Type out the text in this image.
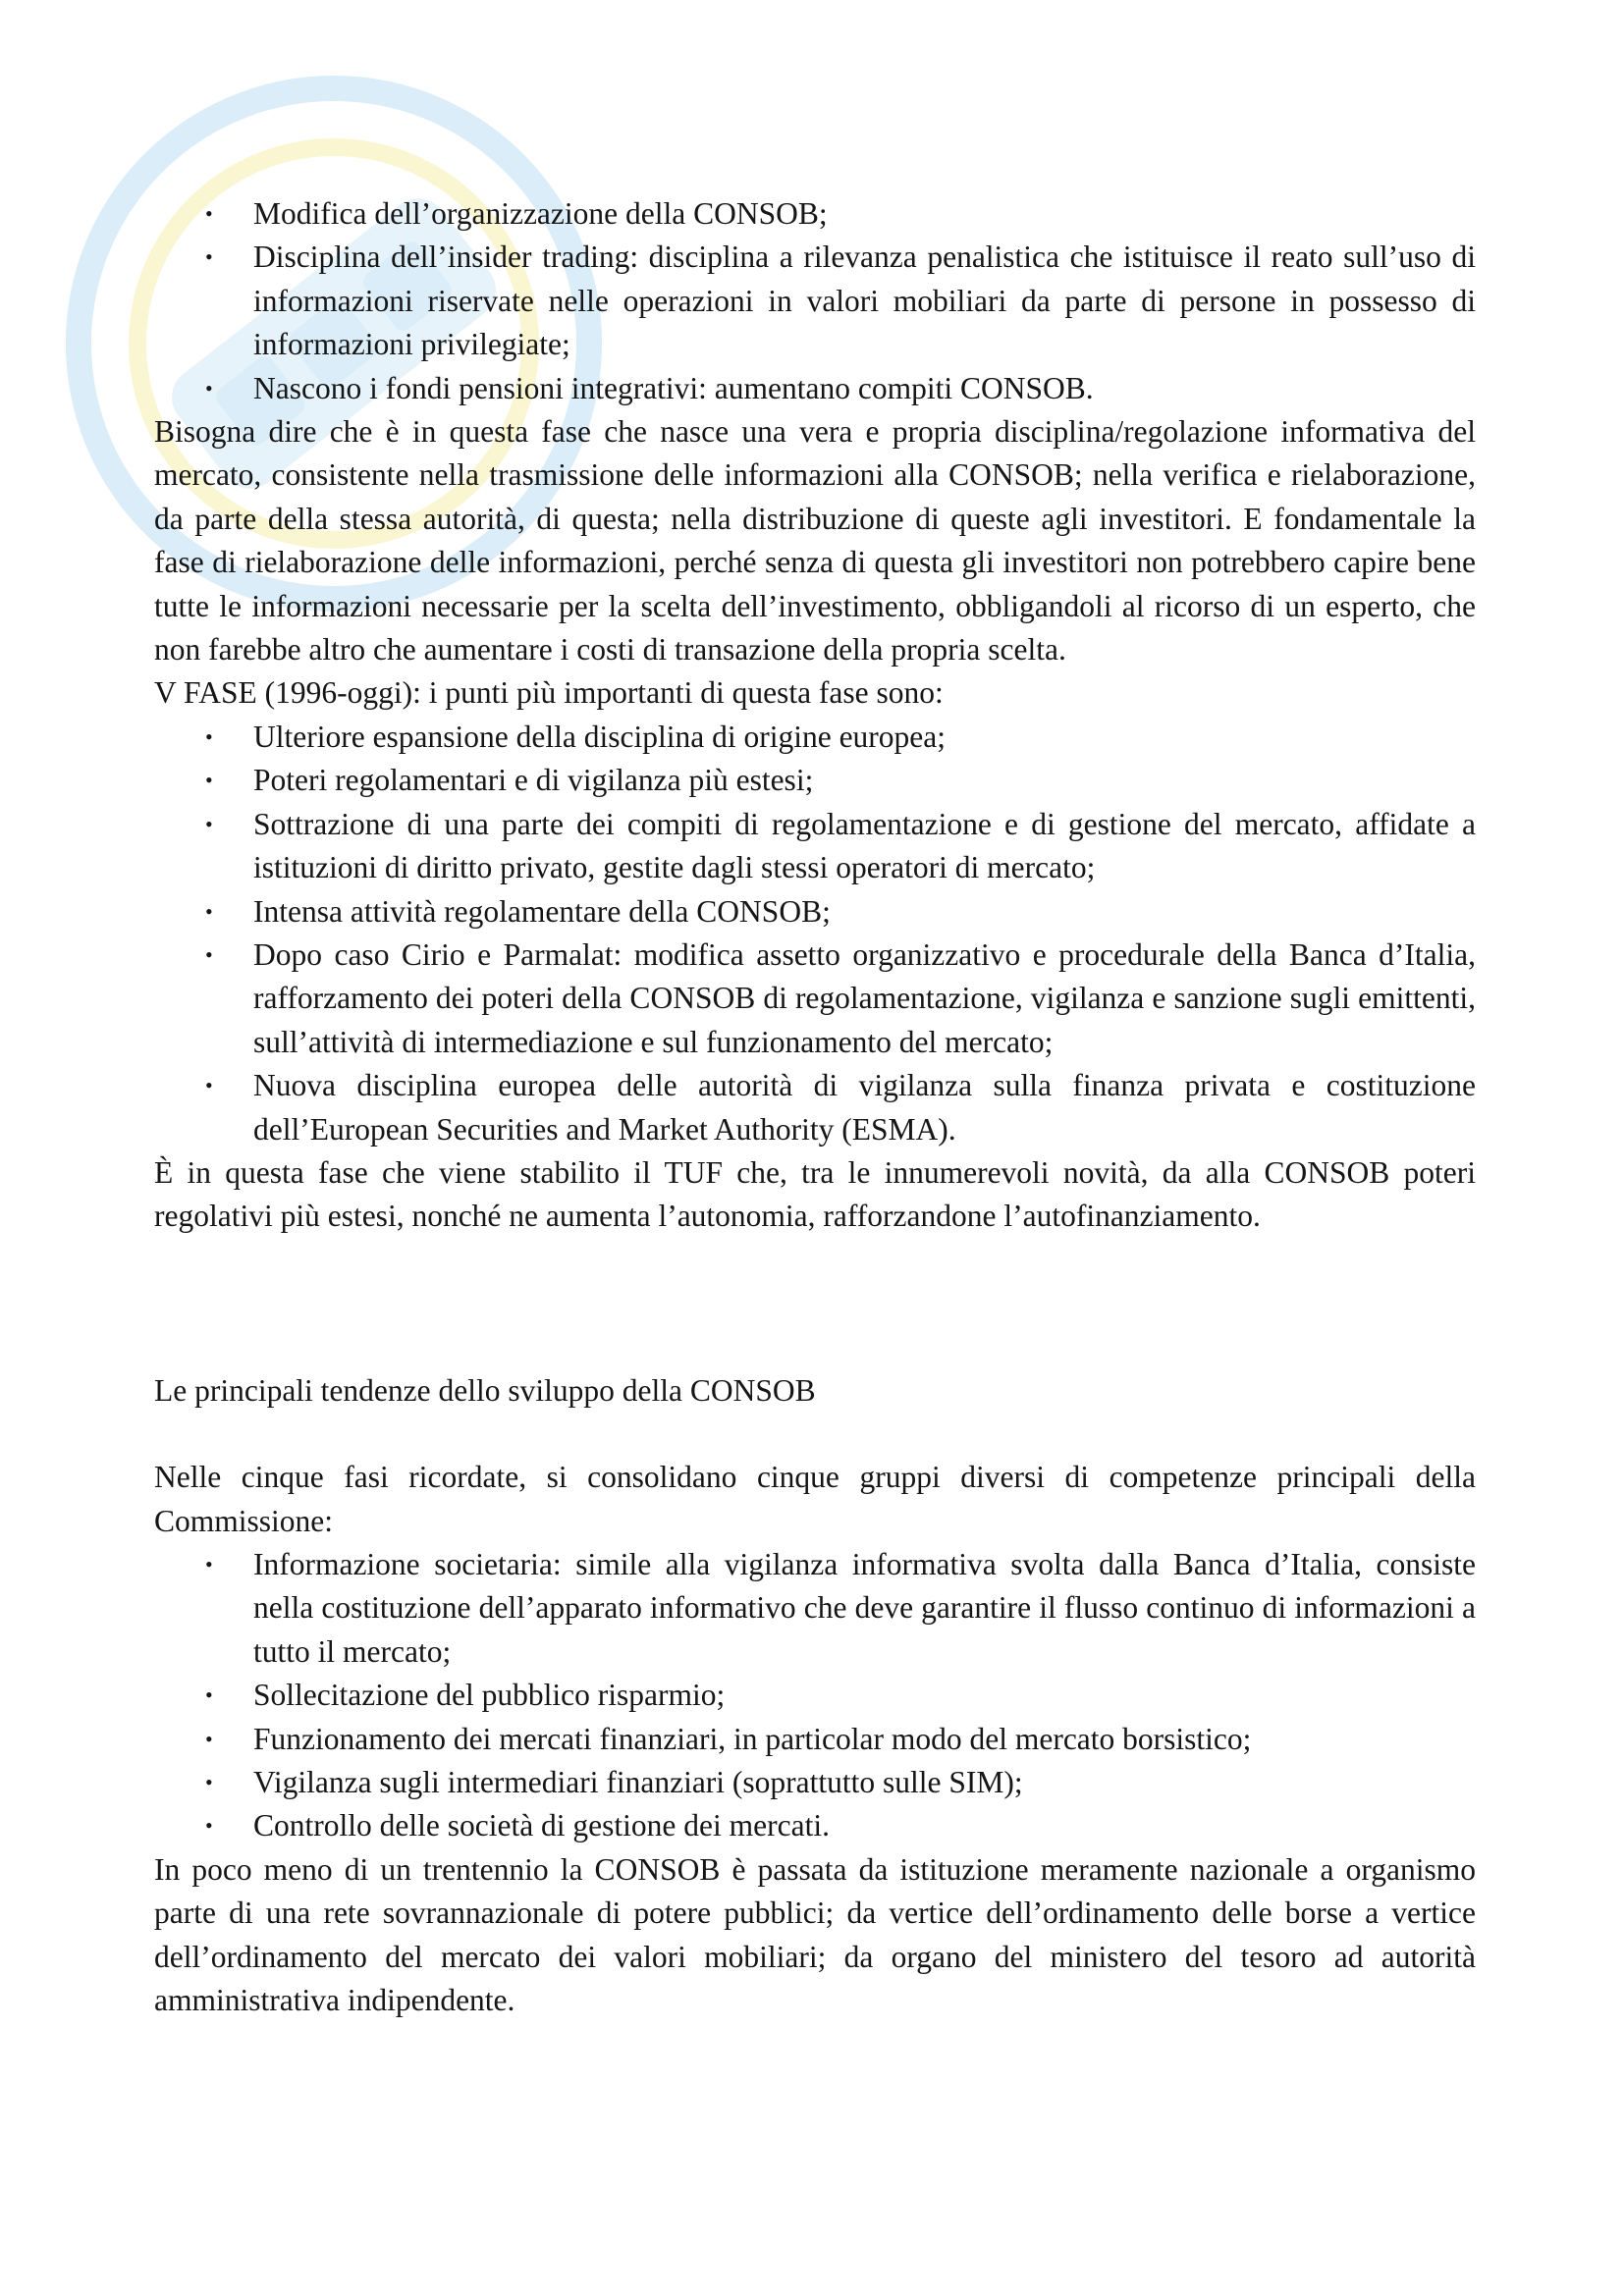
• Modifica dell’organizzazione della CONSOB;
• Disciplina dell’insider trading: disciplina a rilevanza penalistica che istituisce il reato sull’uso di informazioni riservate nelle operazioni in valori mobiliari da parte di persone in possesso di informazioni privilegiate;
• Nascono i fondi pensioni integrativi: aumentano compiti CONSOB.

Bisogna dire che è in questa fase che nasce una vera e propria disciplina/regolazione informativa del mercato, consistente nella trasmissione delle informazioni alla CONSOB; nella verifica e rielaborazione, da parte della stessa autorità, di questa; nella distribuzione di queste agli investitori. E fondamentale la fase di rielaborazione delle informazioni, perché senza di questa gli investitori non potrebbero capire bene tutte le informazioni necessarie per la scelta dell’investimento, obbligandoli al ricorso di un esperto, che non farebbe altro che aumentare i costi di transazione della propria scelta.

V FASE (1996-oggi): i punti più importanti di questa fase sono:

• Ulteriore espansione della disciplina di origine europea;
• Poteri regolamentari e di vigilanza più estesi;
• Sottrazione di una parte dei compiti di regolamentazione e di gestione del mercato, affidate a istituzioni di diritto privato, gestite dagli stessi operatori di mercato;
• Intensa attività regolamentare della CONSOB;
• Dopo caso Cirio e Parmalat: modifica assetto organizzativo e procedurale della Banca d’Italia, rafforzamento dei poteri della CONSOB di regolamentazione, vigilanza e sanzione sugli emittenti, sull’attività di intermediazione e sul funzionamento del mercato;
• Nuova disciplina europea delle autorità di vigilanza sulla finanza privata e costituzione dell’European Securities and Market Authority (ESMA).

È in questa fase che viene stabilito il TUF che, tra le innumerevoli novità, da alla CONSOB poteri regolativi più estesi, nonché ne aumenta l’autonomia, rafforzandone l’autofinanziamento.

Le principali tendenze dello sviluppo della CONSOB

Nelle cinque fasi ricordate, si consolidano cinque gruppi diversi di competenze principali della Commissione:

• Informazione societaria: simile alla vigilanza informativa svolta dalla Banca d’Italia, consiste nella costituzione dell’apparato informativo che deve garantire il flusso continuo di informazioni a tutto il mercato;
• Sollecitazione del pubblico risparmio;
• Funzionamento dei mercati finanziari, in particolar modo del mercato borsistico;
• Vigilanza sugli intermediari finanziari (soprattutto sulle SIM);
• Controllo delle società di gestione dei mercati.

In poco meno di un trentennio la CONSOB è passata da istituzione meramente nazionale a organismo parte di una rete sovrannazionale di potere pubblici; da vertice dell’ordinamento delle borse a vertice dell’ordinamento del mercato dei valori mobiliari; da organo del ministero del tesoro ad autorità amministrativa indipendente.
